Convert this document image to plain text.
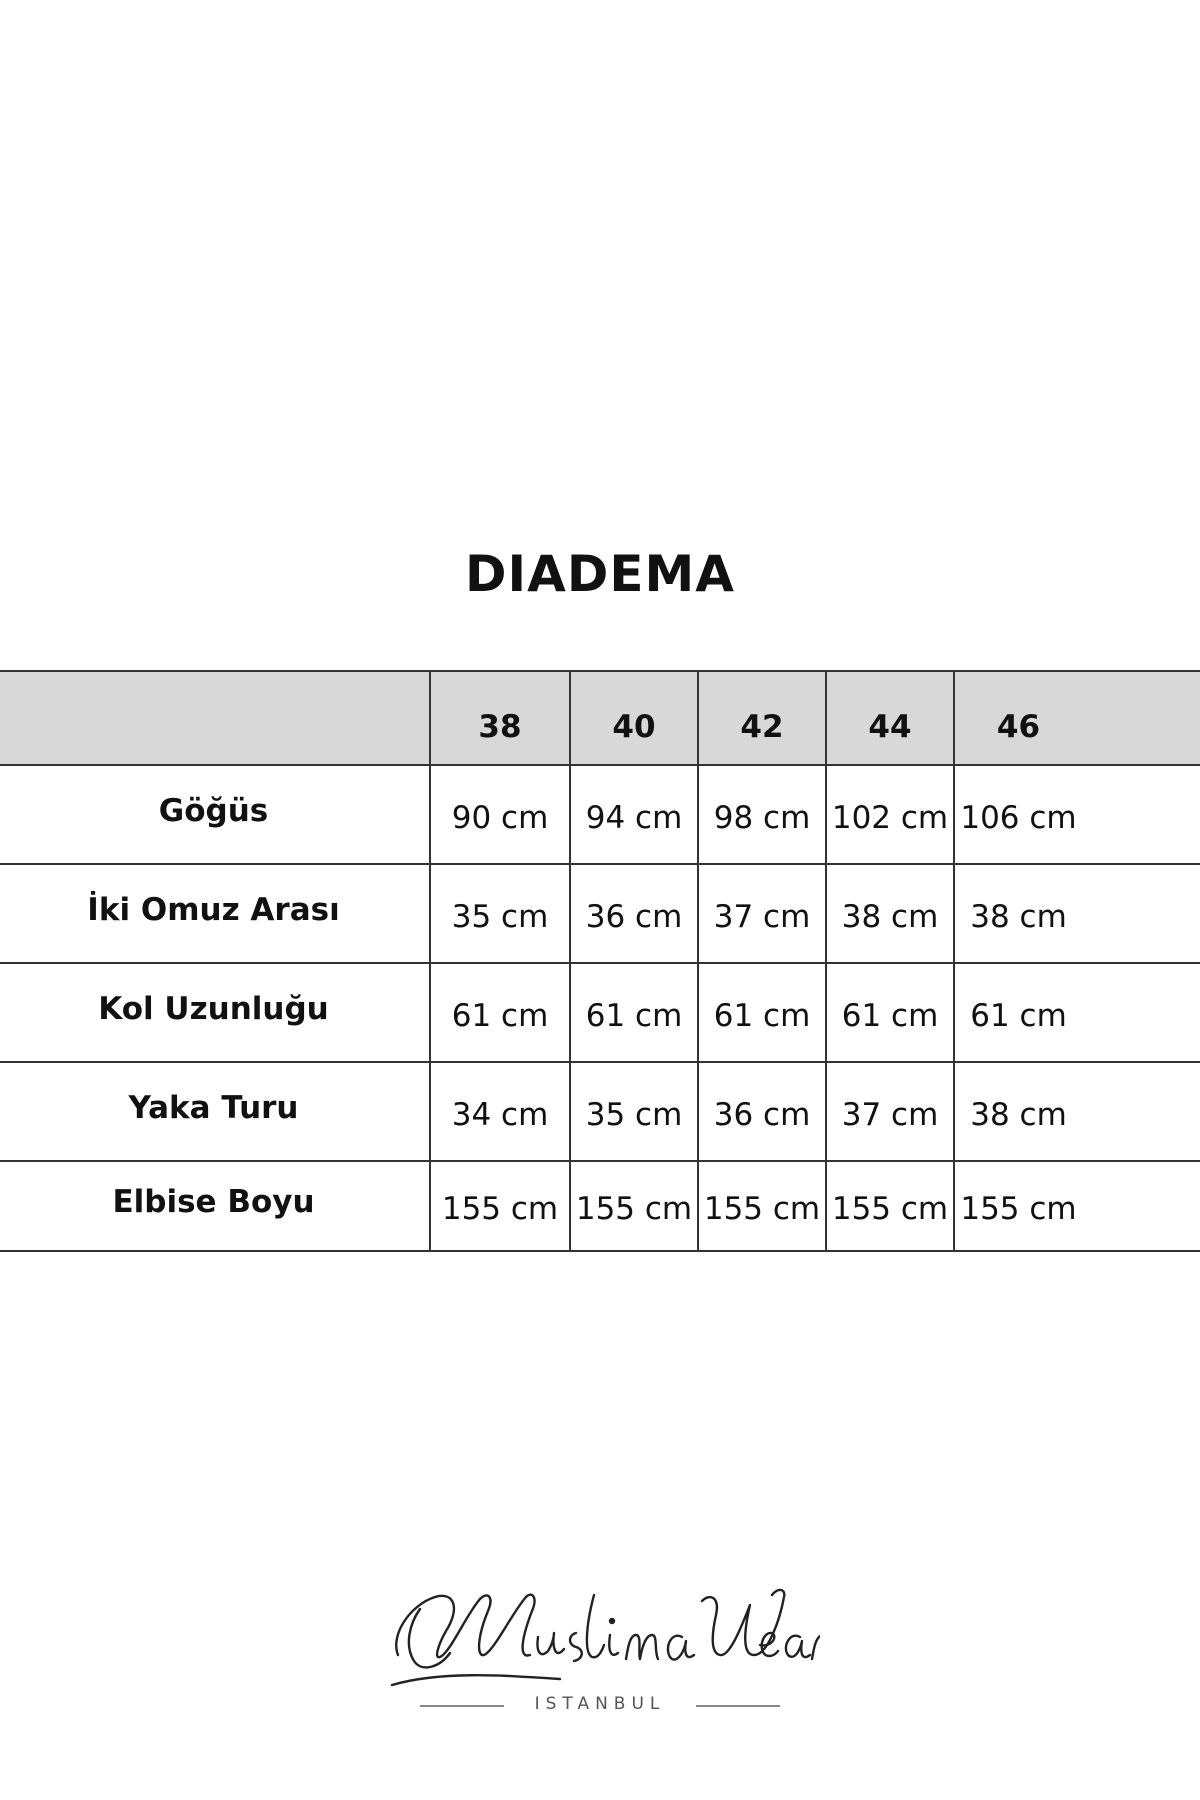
DIADEMA
	38	40	42	44	46	
Göğüs	90 cm	94 cm	98 cm	102 cm	106 cm	
İki Omuz Arası	35 cm	36 cm	37 cm	38 cm	38 cm	
Kol Uzunluğu	61 cm	61 cm	61 cm	61 cm	61 cm	
Yaka Turu	34 cm	35 cm	36 cm	37 cm	38 cm	
Elbise Boyu	155 cm	155 cm	155 cm	155 cm	155 cm	
ISTANBUL
